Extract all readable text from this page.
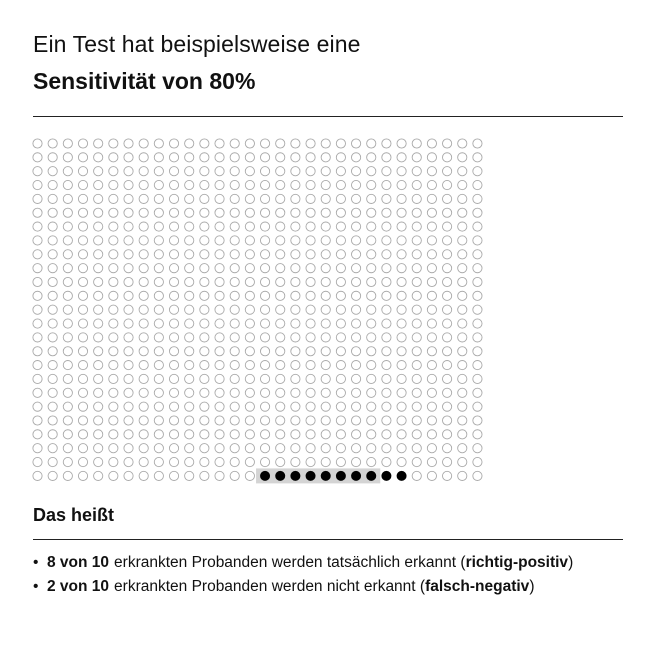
Ein Test hat beispielsweise eine
Sensitivität von 80%
Das heißt
• 8 von 10 erkrankten Probanden werden tatsächlich erkannt (richtig-positiv)
• 2 von 10 erkrankten Probanden werden nicht erkannt (falsch-negativ)
